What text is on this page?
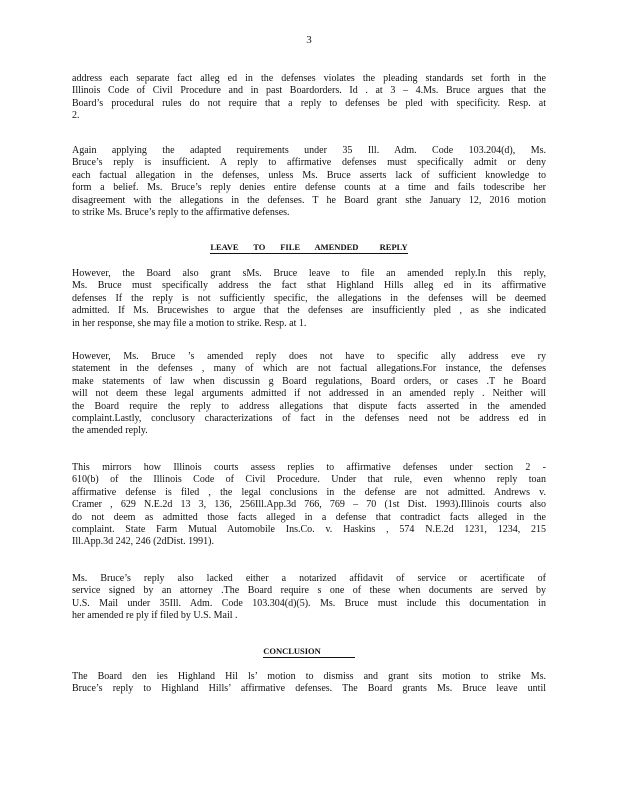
3
address each separate fact alleg ed in the defenses violates the pleading standards set forth in the
Illinois Code of Civil Procedure and in past Boardorders. Id . at 3 – 4.Ms. Bruce argues that the
Board’s procedural rules do not require that a reply to defenses be pled with specificity. Resp. at
2.
Again applying the adapted requirements under 35 Ill. Adm. Code 103.204(d), Ms.
Bruce’s reply is insufficient. A reply to affirmative defenses must specifically admit or deny
each factual allegation in the defenses, unless Ms. Bruce asserts lack of sufficient knowledge to
form a belief. Ms. Bruce’s reply denies entire defense counts at a time and fails todescribe her
disagreement with the allegations in the defenses. T he Board grant sthe January 12, 2016 motion
to strike Ms. Bruce’s reply to the affirmative defenses.
LEAVE       TO       FILE       AMENDED          REPLY
However, the Board also grant sMs. Bruce leave to file an amended reply.In this reply,
Ms. Bruce must specifically address the fact sthat Highland Hills alleg ed in its affirmative
defenses If the reply is not sufficiently specific, the allegations in the defenses will be deemed
admitted. If Ms. Brucewishes to argue that the defenses are insufficiently pled , as she indicated
in her response, she may file a motion to strike. Resp. at 1.
However, Ms. Bruce ’s amended reply does not have to specific ally address eve ry
statement in the defenses , many of which are not factual allegations.For instance, the defenses
make statements of law when discussin g Board regulations, Board orders, or cases .T he Board
will not deem these legal arguments admitted if not addressed in an amended reply . Neither will
the Board require the reply to address allegations that dispute facts asserted in the amended
complaint.Lastly, conclusory characterizations of fact in the defenses need not be address ed in
the amended reply.
This mirrors how Illinois courts assess replies to affirmative defenses under section 2 -
610(b) of the Illinois Code of Civil Procedure. Under that rule, even whenno reply toan
affirmative defense is filed , the legal conclusions in the defense are not admitted. Andrews v.
Cramer , 629 N.E.2d 13 3, 136, 256Ill.App.3d 766, 769 – 70 (1st Dist. 1993).Illinois courts also
do not deem as admitted those facts alleged in a defense that contradict facts alleged in the
complaint. State Farm Mutual Automobile Ins.Co. v. Haskins , 574 N.E.2d 1231, 1234, 215
Ill.App.3d 242, 246 (2dDist. 1991).
Ms. Bruce’s reply also lacked either a notarized affidavit of service or acertificate of
service signed by an attorney .The Board require s one of these when documents are served by
U.S. Mail under 35Ill. Adm. Code 103.304(d)(5). Ms. Bruce must include this documentation in
her amended re ply if filed by U.S. Mail .
CONCLUSION
The Board den ies Highland Hil ls’ motion to dismiss and grant sits motion to strike Ms.
Bruce’s reply to Highland Hills’ affirmative defenses. The Board grants Ms. Bruce leave until
